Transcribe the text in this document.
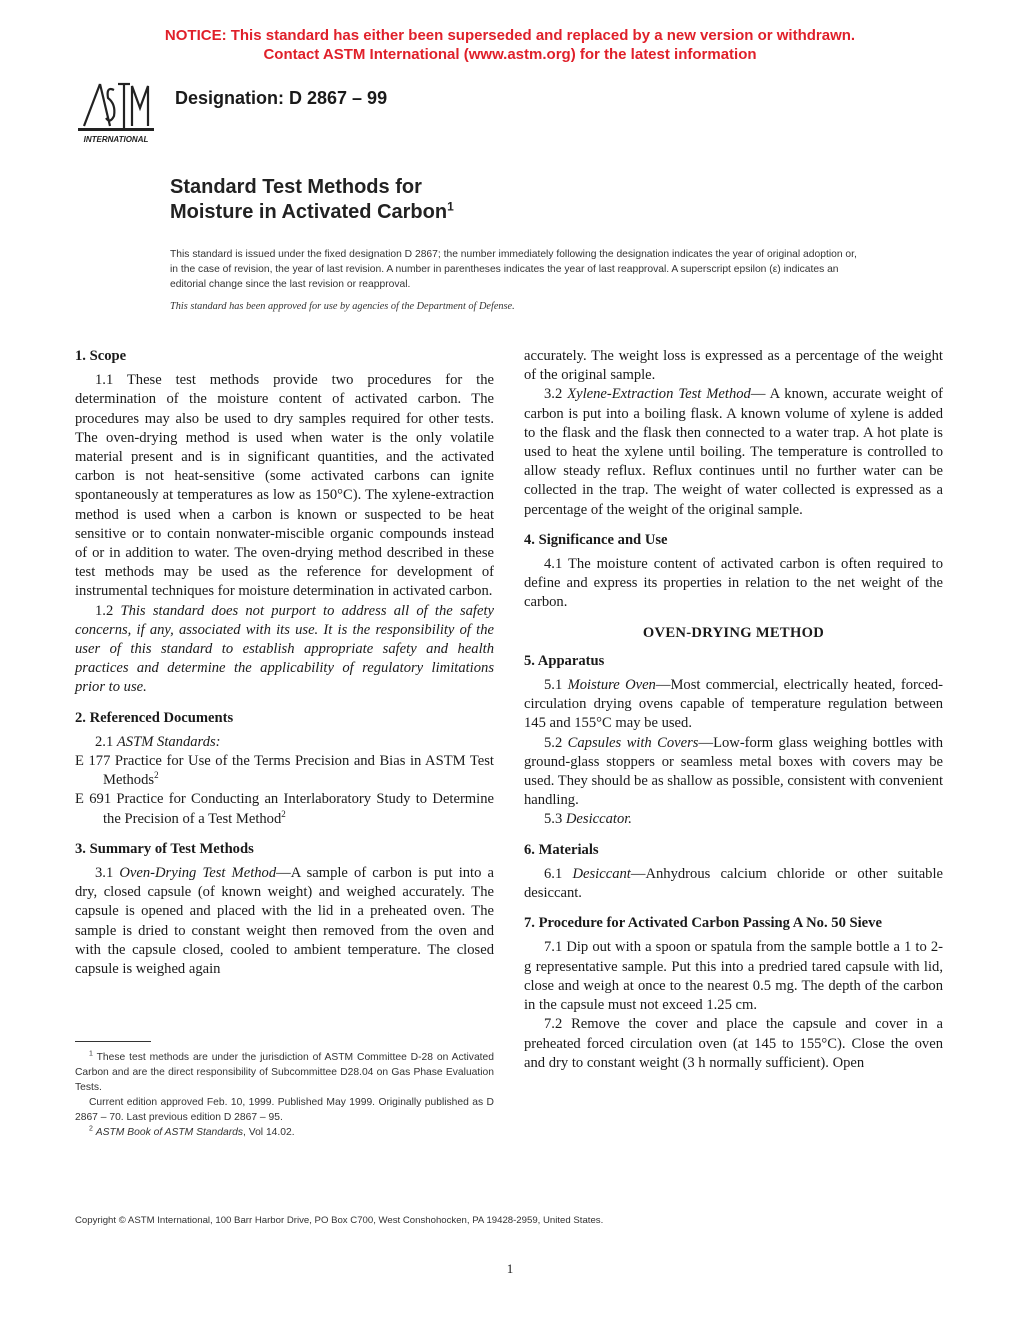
NOTICE: This standard has either been superseded and replaced by a new version or withdrawn.
Contact ASTM International (www.astm.org) for the latest information
INTERNATIONAL
Designation: D 2867 – 99
Standard Test Methods for
Moisture in Activated Carbon$^1$
This standard is issued under the fixed designation D 2867; the number immediately following the designation indicates the year of original adoption or, in the case of revision, the year of last revision. A number in parentheses indicates the year of last reapproval. A superscript epsilon (ε) indicates an editorial change since the last revision or reapproval.
This standard has been approved for use by agencies of the Department of Defense.
1. Scope

1.1 These test methods provide two procedures for the determination of the moisture content of activated carbon. The procedures may also be used to dry samples required for other tests. The oven-drying method is used when water is the only volatile material present and is in significant quantities, and the activated carbon is not heat-sensitive (some activated carbons can ignite spontaneously at temperatures as low as 150°C). The xylene-extraction method is used when a carbon is known or suspected to be heat sensitive or to contain nonwater-miscible organic compounds instead of or in addition to water. The oven-drying method described in these test methods may be used as the reference for development of instrumental techniques for moisture determination in activated carbon.

1.2 This standard does not purport to address all of the safety concerns, if any, associated with its use. It is the responsibility of the user of this standard to establish appropriate safety and health practices and determine the applicability of regulatory limitations prior to use.

2. Referenced Documents

2.1 ASTM Standards:

E 177 Practice for Use of the Terms Precision and Bias in ASTM Test Methods$^2$

E 691 Practice for Conducting an Interlaboratory Study to Determine the Precision of a Test Method$^2$

3. Summary of Test Methods

3.1 Oven-Drying Test Method—A sample of carbon is put into a dry, closed capsule (of known weight) and weighed accurately. The capsule is opened and placed with the lid in a preheated oven. The sample is dried to constant weight then removed from the oven and with the capsule closed, cooled to ambient temperature. The closed capsule is weighed again

$^1$ These test methods are under the jurisdiction of ASTM Committee D-28 on Activated Carbon and are the direct responsibility of Subcommittee D28.04 on Gas Phase Evaluation Tests.

Current edition approved Feb. 10, 1999. Published May 1999. Originally published as D 2867 – 70. Last previous edition D 2867 – 95.

$^2$ ASTM Book of ASTM Standards, Vol 14.02.

accurately. The weight loss is expressed as a percentage of the weight of the original sample.

3.2 Xylene-Extraction Test Method— A known, accurate weight of carbon is put into a boiling flask. A known volume of xylene is added to the flask and the flask then connected to a water trap. A hot plate is used to heat the xylene until boiling. The temperature is controlled to allow steady reflux. Reflux continues until no further water can be collected in the trap. The weight of water collected is expressed as a percentage of the weight of the original sample.

4. Significance and Use

4.1 The moisture content of activated carbon is often required to define and express its properties in relation to the net weight of the carbon.

OVEN-DRYING METHOD
5. Apparatus

5.1 Moisture Oven—Most commercial, electrically heated, forced-circulation drying ovens capable of temperature regulation between 145 and 155°C may be used.

5.2 Capsules with Covers—Low-form glass weighing bottles with ground-glass stoppers or seamless metal boxes with covers may be used. They should be as shallow as possible, consistent with convenient handling.

5.3 Desiccator.

6. Materials

6.1 Desiccant—Anhydrous calcium chloride or other suitable desiccant.

7. Procedure for Activated Carbon Passing A No. 50 Sieve

7.1 Dip out with a spoon or spatula from the sample bottle a 1 to 2-g representative sample. Put this into a predried tared capsule with lid, close and weigh at once to the nearest 0.5 mg. The depth of the carbon in the capsule must not exceed 1.25 cm.

7.2 Remove the cover and place the capsule and cover in a preheated forced circulation oven (at 145 to 155°C). Close the oven and dry to constant weight (3 h normally sufficient). Open

Copyright © ASTM International, 100 Barr Harbor Drive, PO Box C700, West Conshohocken, PA 19428-2959, United States.
1
